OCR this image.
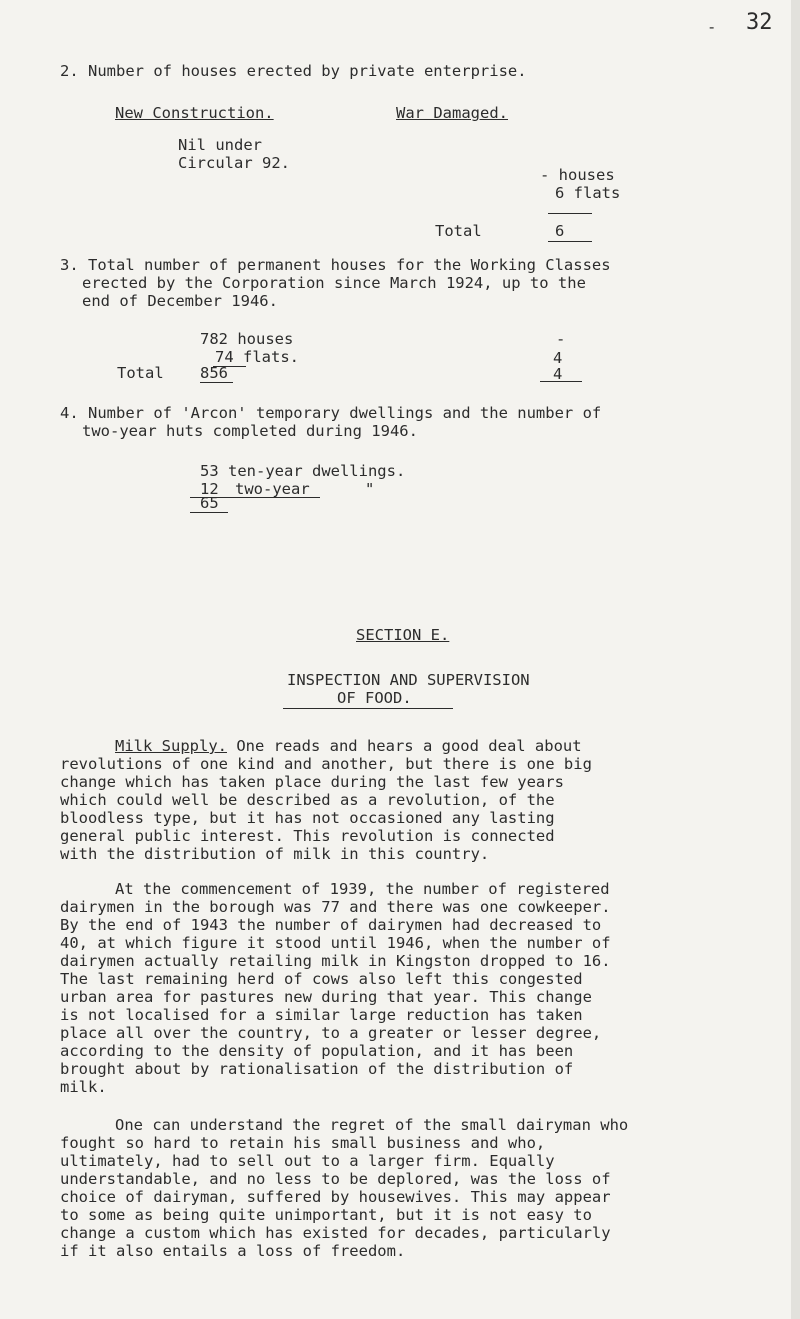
- 32
2. Number of houses erected by private enterprise.
New Construction.	War Damaged.
Nil under
Circular 92.
- houses
6 flats
Total	6
3. Total number of permanent houses for the Working Classes
erected by the Corporation since March 1924, up to the
end of December 1946.
782 houses	-
74 flats.	4
Total 856	4
4. Number of 'Arcon' temporary dwellings and the number of
two-year huts completed during 1946.
53 ten-year dwellings.
12 two-year	"
65
SECTION E.
INSPECTION AND SUPERVISION
OF FOOD.

Milk Supply. One reads and hears a good deal about
revolutions of one kind and another, but there is one big
change which has taken place during the last few years
which could well be described as a revolution, of the
bloodless type, but it has not occasioned any lasting
general public interest. This revolution is connected
with the distribution of milk in this country.

At the commencement of 1939, the number of registered
dairymen in the borough was 77 and there was one cowkeeper.
By the end of 1943 the number of dairymen had decreased to
40, at which figure it stood until 1946, when the number of
dairymen actually retailing milk in Kingston dropped to 16.
The last remaining herd of cows also left this congested
urban area for pastures new during that year. This change
is not localised for a similar large reduction has taken
place all over the country, to a greater or lesser degree,
according to the density of population, and it has been
brought about by rationalisation of the distribution of
milk.

One can understand the regret of the small dairyman who
fought so hard to retain his small business and who,
ultimately, had to sell out to a larger firm. Equally
understandable, and no less to be deplored, was the loss of
choice of dairyman, suffered by housewives. This may appear
to some as being quite unimportant, but it is not easy to
change a custom which has existed for decades, particularly
if it also entails a loss of freedom.
